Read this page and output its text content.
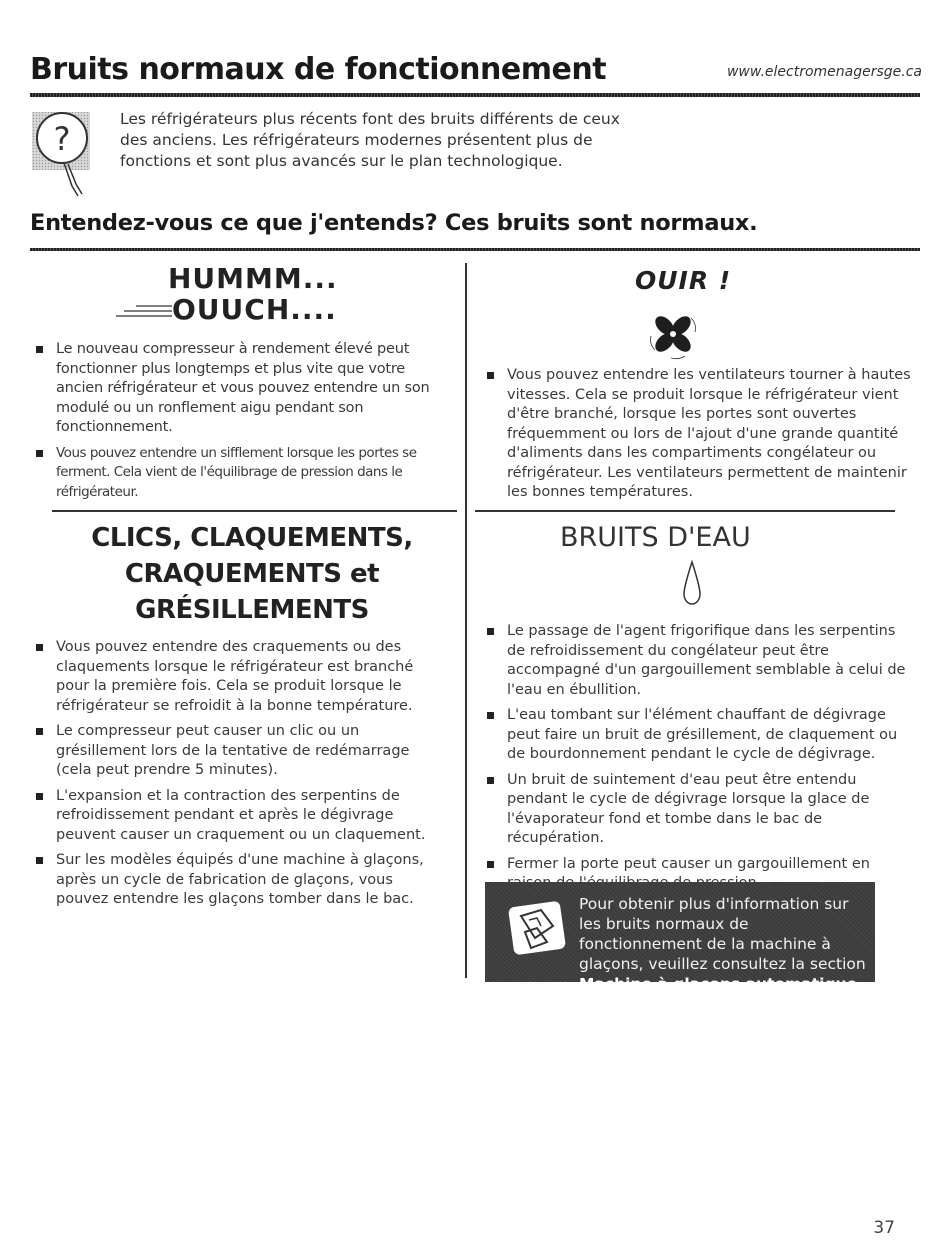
Bruits normaux de fonctionnement	www.electromenagersge.ca
?

Les réfrigérateurs plus récents font des bruits différents de ceux des anciens. Les réfrigérateurs modernes présentent plus de fonctions et sont plus avancés sur le plan technologique.

Entendez-vous ce que j'entends? Ces bruits sont normaux.
HUMMM...
OUUCH....
Le nouveau compresseur à rendement élevé peut fonctionner plus longtemps et plus vite que votre ancien réfrigérateur et vous pouvez entendre un son modulé ou un ronflement aigu pendant son fonctionnement.
Vous pouvez entendre un sifflement lorsque les portes se ferment. Cela vient de l'équilibrage de pression dans le réfrigérateur.
OUIR !
Vous pouvez entendre les ventilateurs tourner à hautes vitesses. Cela se produit lorsque le réfrigérateur vient d'être branché, lorsque les portes sont ouvertes fréquemment ou lors de l'ajout d'une grande quantité d'aliments dans les compartiments congélateur ou réfrigérateur. Les ventilateurs permettent de maintenir les bonnes températures.
CLICS, CLAQUEMENTS,
CRAQUEMENTS et
GRÉSILLEMENTS
Vous pouvez entendre des craquements ou des claquements lorsque le réfrigérateur est branché pour la première fois. Cela se produit lorsque le réfrigérateur se refroidit à la bonne température.
Le compresseur peut causer un clic ou un grésillement lors de la tentative de redémarrage (cela peut prendre 5 minutes).
L'expansion et la contraction des serpentins de refroidissement pendant et après le dégivrage peuvent causer un craquement ou un claquement.
Sur les modèles équipés d'une machine à glaçons, après un cycle de fabrication de glaçons, vous pouvez entendre les glaçons tomber dans le bac.
BRUITS D'EAU
Le passage de l'agent frigorifique dans les serpentins de refroidissement du congélateur peut être accompagné d'un gargouillement semblable à celui de l'eau en ébullition.
L'eau tombant sur l'élément chauffant de dégivrage peut faire un bruit de grésillement, de claquement ou de bourdonnement pendant le cycle de dégivrage.
Un bruit de suintement d'eau peut être entendu pendant le cycle de dégivrage lorsque la glace de l'évaporateur fond et tombe dans le bac de récupération.
Fermer la porte peut causer un gargouillement en

Pour obtenir plus d'information sur les bruits normaux de fonctionnement de la machine à glaçons, veuillez consultez la section Machine à glaçons automatique.

37
